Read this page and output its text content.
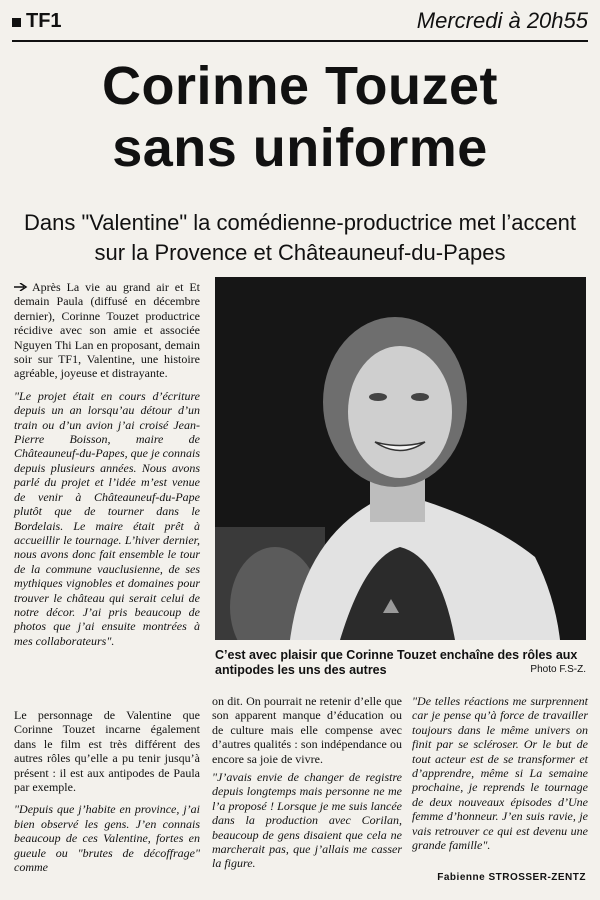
TF1	Mercredi à 20h55
Corinne Touzet
sans uniforme
Dans "Valentine" la comédienne-productrice met l’accent
sur la Provence et Châteauneuf-du-Papes

Après La vie au grand air et Et demain Paula (diffusé en décembre dernier), Corinne Touzet productrice récidive avec son amie et associée Nguyen Thi Lan en proposant, demain soir sur TF1, Valentine, une histoire agréable, joyeuse et distrayante.

"Le projet était en cours d’écriture depuis un an lorsqu’au détour d’un train ou d’un avion j’ai croisé Jean-Pierre Boisson, maire de Châteauneuf-du-Papes, que je connais depuis plusieurs années. Nous avons parlé du projet et l’idée m’est venue de venir à Châteauneuf-du-Pape plutôt que de tourner dans le Bordelais. Le maire était prêt à accueillir le tournage. L’hiver dernier, nous avons donc fait ensemble le tour de la commune vauclusienne, de ses mythiques vignobles et domaines pour trouver le château qui serait celui de notre décor. J’ai pris beaucoup de photos que j’ai ensuite montrées à mes collaborateurs".

Le personnage de Valentine que Corinne Touzet incarne également dans le film est très différent des autres rôles qu’elle a pu tenir jusqu’à présent : il est aux antipodes de Paula par exemple.

"Depuis que j’habite en province, j’ai bien observé les gens. J’en connais beaucoup de ces Valentine, fortes en gueule ou "brutes de décoffrage" comme

C’est avec plaisir que Corinne Touzet enchaîne des rôles aux antipodes les uns des autres	Photo F.S-Z.

on dit. On pourrait ne retenir d’elle que son apparent manque d’éducation ou de culture mais elle compense avec d’autres qualités : son indépendance ou encore sa joie de vivre.

"J’avais envie de changer de registre depuis longtemps mais personne ne me l’a proposé ! Lorsque je me suis lancée dans la production avec Corilan, beaucoup de gens disaient que cela ne marcherait pas, que j’allais me casser la figure.

"De telles réactions me surprennent car je pense qu’à force de travailler toujours dans le même univers on finit par se scléroser. Or le but de tout acteur est de se transformer et d’apprendre, même si La semaine prochaine, je reprends le tournage de deux nouveaux épisodes d’Une femme d’honneur. J’en suis ravie, je vais retrouver ce qui est devenu une grande famille".

Fabienne STROSSER-ZENTZ
